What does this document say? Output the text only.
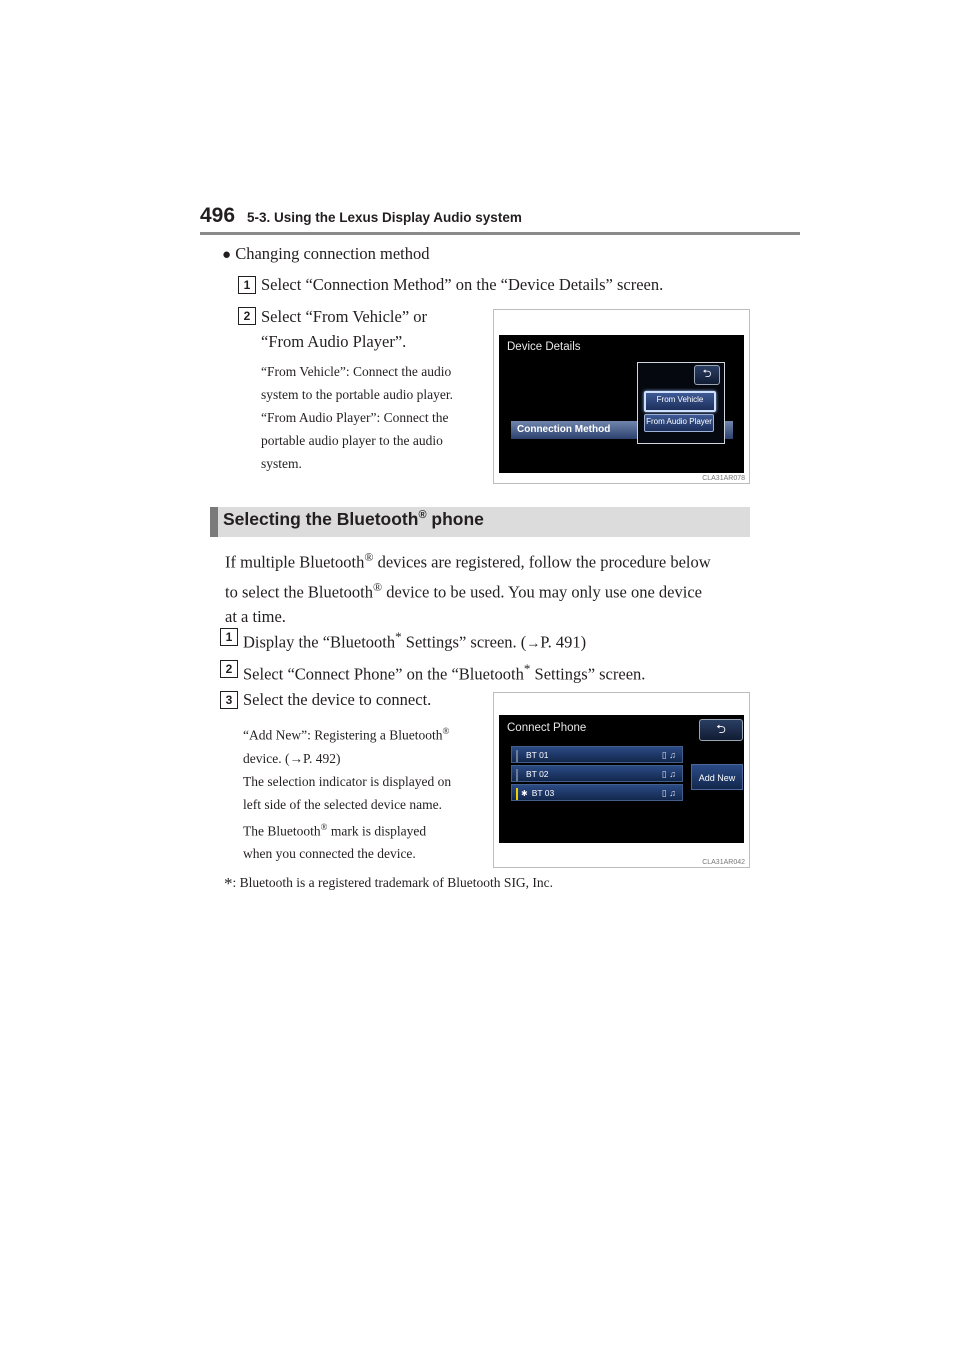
496 5-3. Using the Lexus Display Audio system
● Changing connection method
1 Select “Connection Method” on the “Device Details” screen.
2 Select “From Vehicle” or
“From Audio Player”.
“From Vehicle”: Connect the audio
system to the portable audio player.
“From Audio Player”: Connect the
portable audio player to the audio
system.
Device Details
Connection Method
⮌
From Vehicle
From Audio Player
CLA31AR078
Selecting the Bluetooth® phone
If multiple Bluetooth® devices are registered, follow the procedure below
to select the Bluetooth® device to be used. You may only use one device
at a time.
1 Display the “Bluetooth* Settings” screen. (→P. 491)
2 Select “Connect Phone” on the “Bluetooth* Settings” screen.
3 Select the device to connect.
“Add New”: Registering a Bluetooth®
device. (→P. 492)
The selection indicator is displayed on
left side of the selected device name.
The Bluetooth® mark is displayed
when you connected the device.
Connect Phone	⮌
BT 01	▯ ♫
BT 02	▯ ♫
✱ BT 03	▯ ♫
Add New
CLA31AR042
*: Bluetooth is a registered trademark of Bluetooth SIG, Inc.
